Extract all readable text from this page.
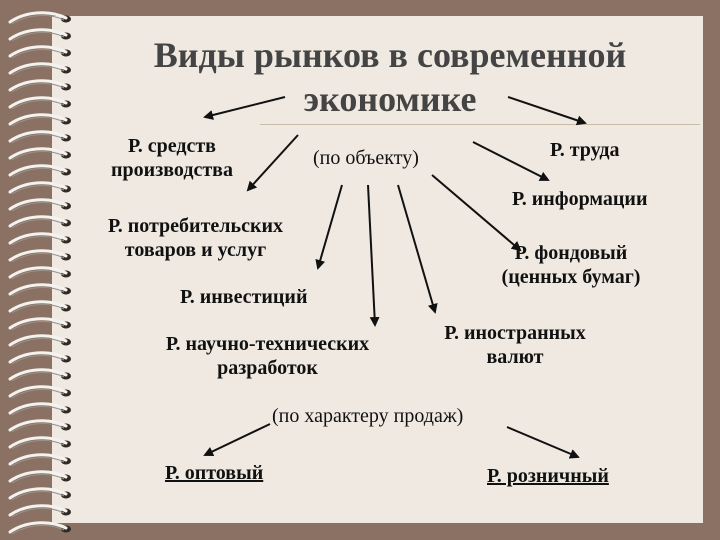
Виды рынков в современной
экономике
Р. средств
производства
(по объекту)	Р. труда
Р. информации
Р. потребительских
товаров и услуг	Р. фондовый
(ценных бумаг)
Р. инвестиций
Р. научно-технических
разработок
Р. иностранных
валют
(по характеру продаж)
Р. оптовый	Р. розничный
